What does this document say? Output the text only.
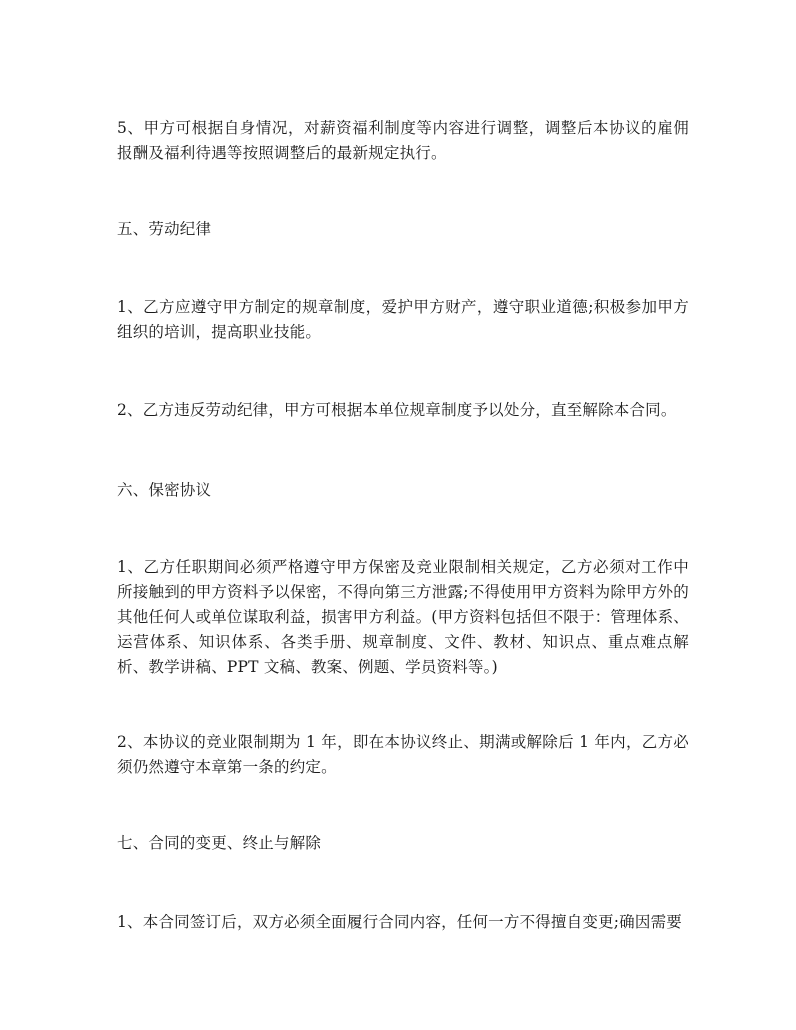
5、甲方可根据自身情况，对薪资福利制度等内容进行调整，调整后本协议的雇佣报酬及福利待遇等按照调整后的最新规定执行。

五、劳动纪律

1、乙方应遵守甲方制定的规章制度，爱护甲方财产，遵守职业道德;积极参加甲方组织的培训，提高职业技能。

2、乙方违反劳动纪律，甲方可根据本单位规章制度予以处分，直至解除本合同。

六、保密协议

1、乙方任职期间必须严格遵守甲方保密及竞业限制相关规定，乙方必须对工作中所接触到的甲方资料予以保密，不得向第三方泄露;不得使用甲方资料为除甲方外的其他任何人或单位谋取利益，损害甲方利益。(甲方资料包括但不限于：管理体系、运营体系、知识体系、各类手册、规章制度、文件、教材、知识点、重点难点解析、教学讲稿、PPT 文稿、教案、例题、学员资料等。)

2、本协议的竞业限制期为 1 年，即在本协议终止、期满或解除后 1 年内，乙方必须仍然遵守本章第一条的约定。

七、合同的变更、终止与解除

1、本合同签订后，双方必须全面履行合同内容，任何一方不得擅自变更;确因需要
